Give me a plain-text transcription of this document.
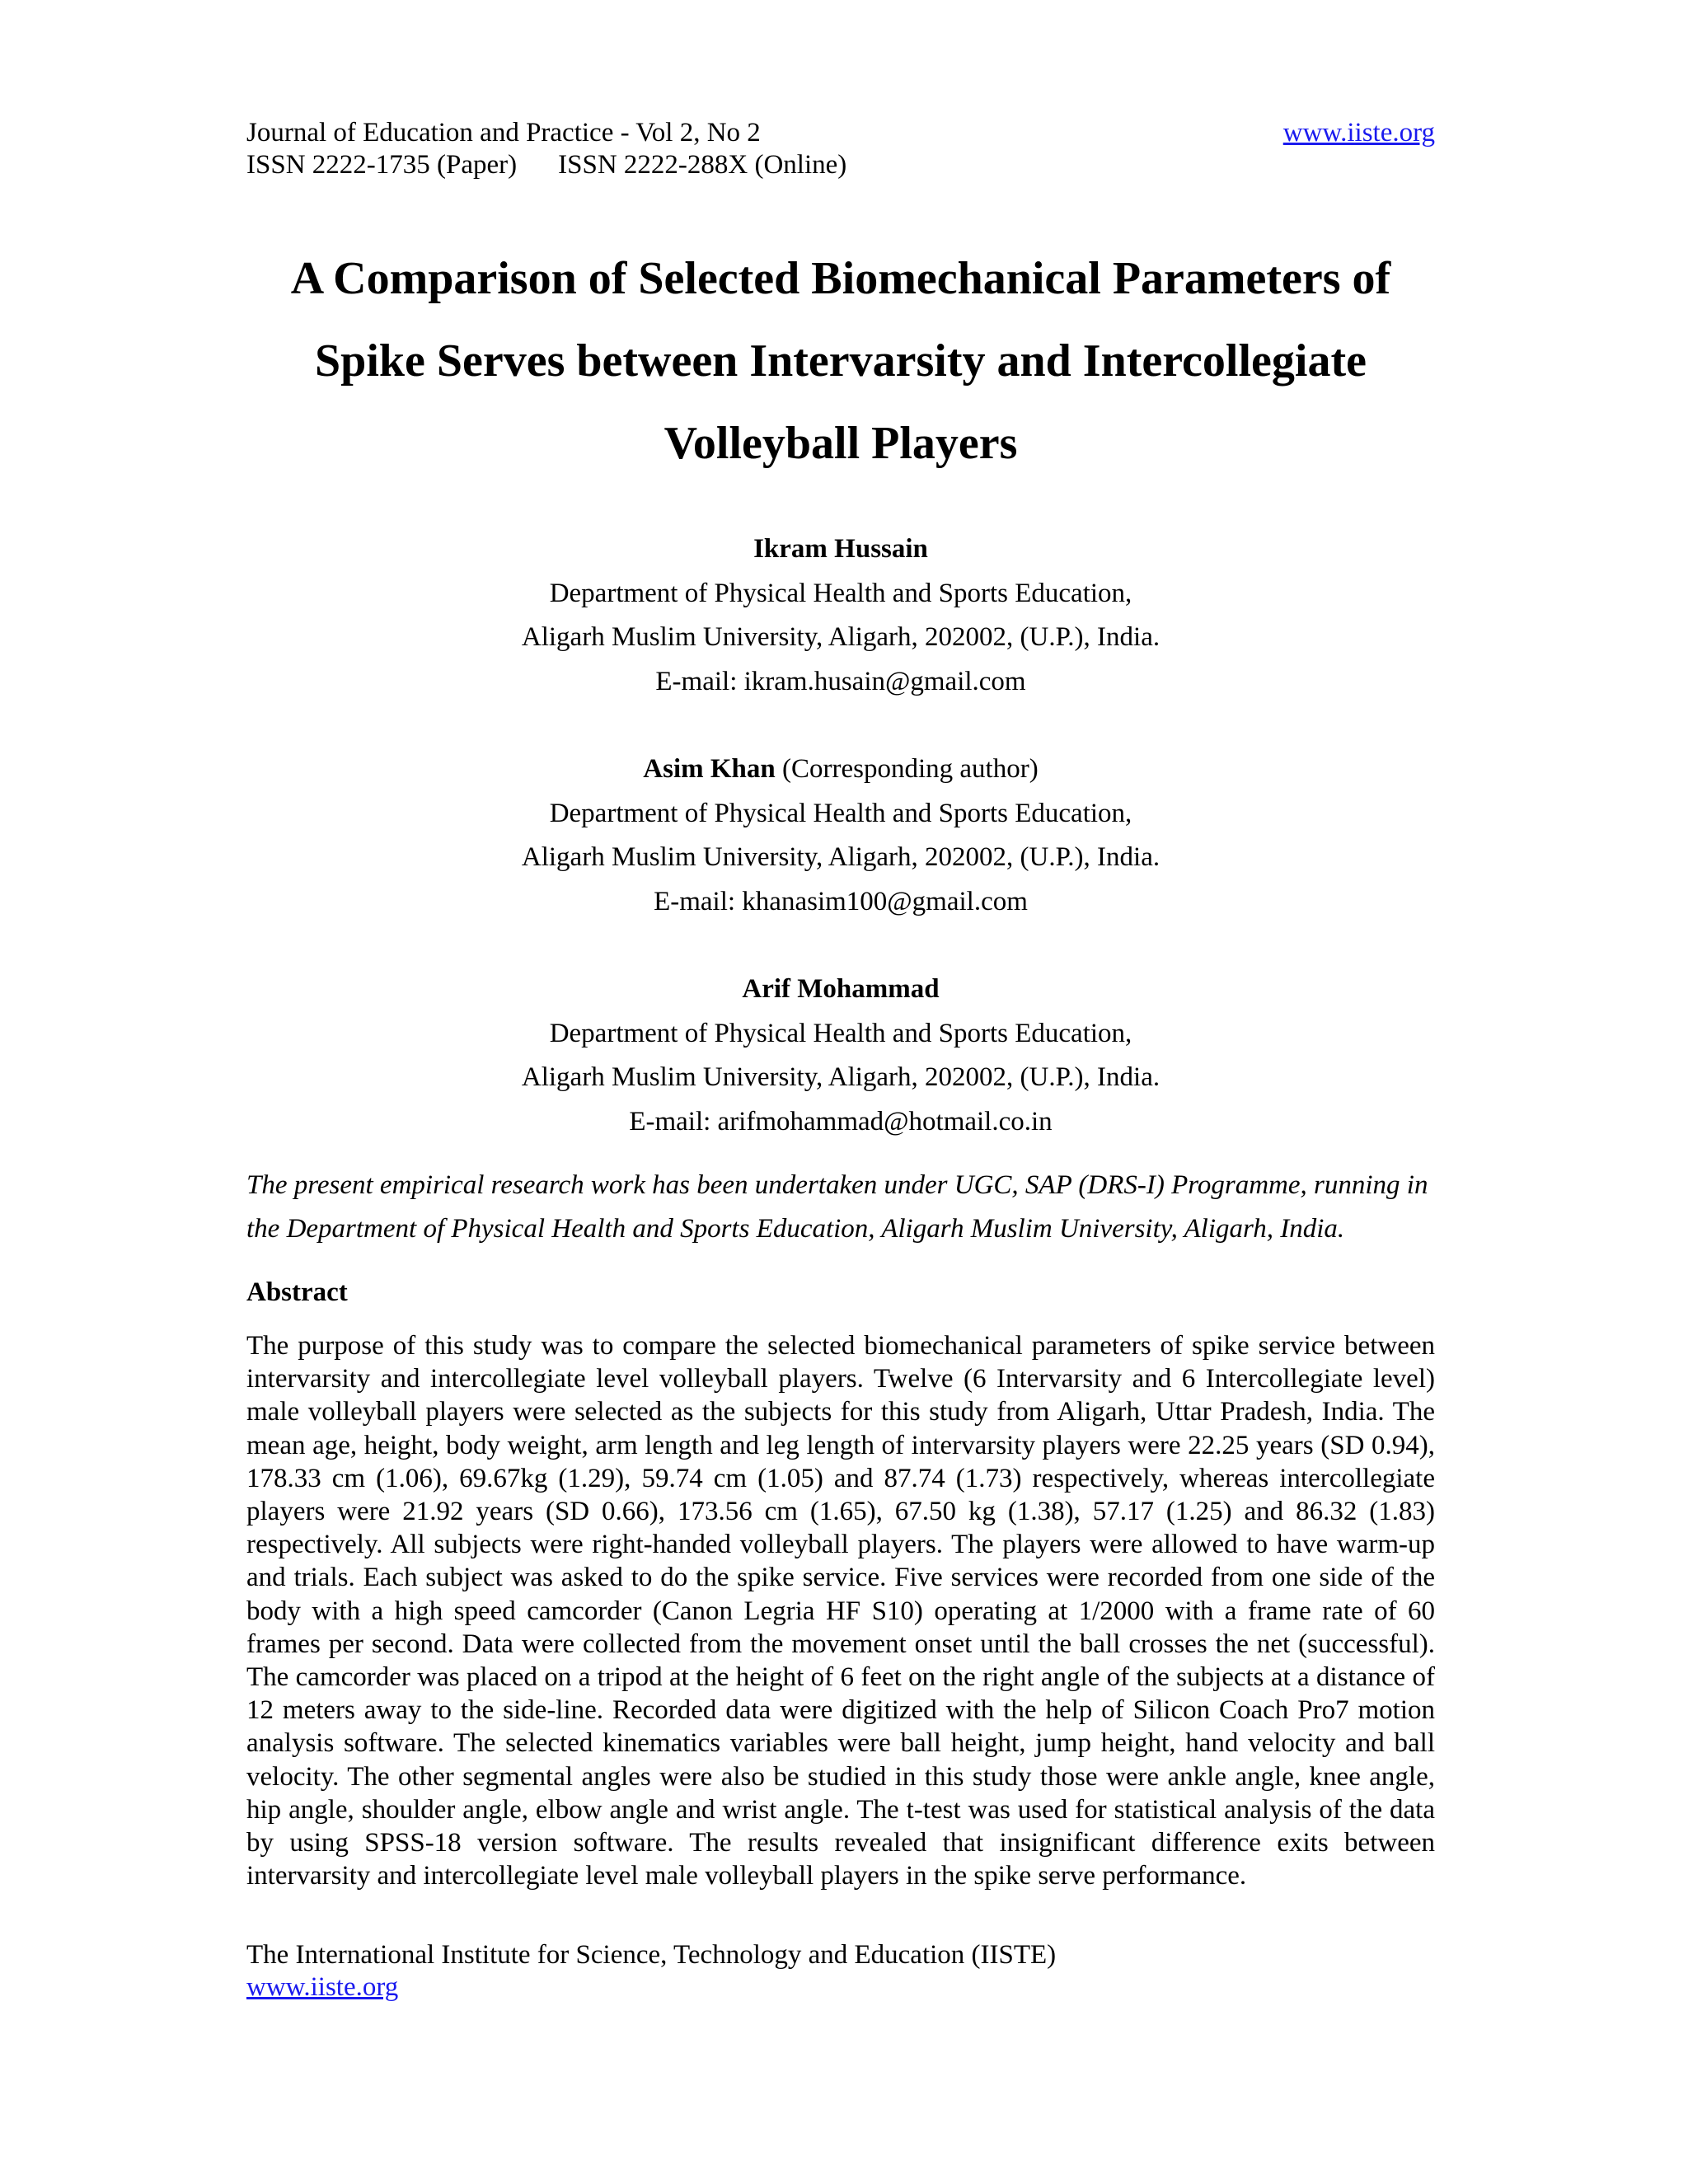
Journal of Education and Practice - Vol 2, No 2	www.iiste.org
ISSN 2222-1735 (Paper) ISSN 2222-288X (Online)
A Comparison of Selected Biomechanical Parameters of
Spike Serves between Intervarsity and Intercollegiate
Volleyball Players
Ikram Hussain
Department of Physical Health and Sports Education,
Aligarh Muslim University, Aligarh, 202002, (U.P.), India.
E-mail: ikram.husain@gmail.com
Asim Khan (Corresponding author)
Department of Physical Health and Sports Education,
Aligarh Muslim University, Aligarh, 202002, (U.P.), India.
E-mail: khanasim100@gmail.com
Arif Mohammad
Department of Physical Health and Sports Education,
Aligarh Muslim University, Aligarh, 202002, (U.P.), India.
E-mail: arifmohammad@hotmail.co.in
The present empirical research work has been undertaken under UGC, SAP (DRS-I) Programme, running in the Department of Physical Health and Sports Education, Aligarh Muslim University, Aligarh, India.
Abstract
The purpose of this study was to compare the selected biomechanical parameters of spike service between intervarsity and intercollegiate level volleyball players. Twelve (6 Intervarsity and 6 Intercollegiate level) male volleyball players were selected as the subjects for this study from Aligarh, Uttar Pradesh, India. The mean age, height, body weight, arm length and leg length of intervarsity players were 22.25 years (SD 0.94), 178.33 cm (1.06), 69.67kg (1.29), 59.74 cm (1.05) and 87.74 (1.73) respectively, whereas intercollegiate players were 21.92 years (SD 0.66), 173.56 cm (1.65), 67.50 kg (1.38), 57.17 (1.25) and 86.32 (1.83) respectively. All subjects were right-handed volleyball players. The players were allowed to have warm-up and trials. Each subject was asked to do the spike service. Five services were recorded from one side of the body with a high speed camcorder (Canon Legria HF S10) operating at 1/2000 with a frame rate of 60 frames per second. Data were collected from the movement onset until the ball crosses the net (successful). The camcorder was placed on a tripod at the height of 6 feet on the right angle of the subjects at a distance of 12 meters away to the side-line. Recorded data were digitized with the help of Silicon Coach Pro7 motion analysis software. The selected kinematics variables were ball height, jump height, hand velocity and ball velocity. The other segmental angles were also be studied in this study those were ankle angle, knee angle, hip angle, shoulder angle, elbow angle and wrist angle. The t-test was used for statistical analysis of the data by using SPSS-18 version software. The results revealed that insignificant difference exits between intervarsity and intercollegiate level male volleyball players in the spike serve performance.
The International Institute for Science, Technology and Education (IISTE)
www.iiste.org
